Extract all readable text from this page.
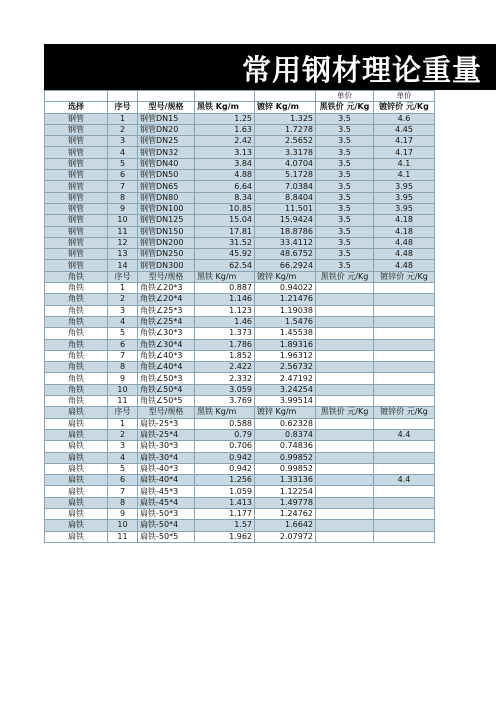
常用钢材理论重量
					单价	单价
选择	序号	型号/规格	黑铁 Kg/m	镀锌 Kg/m	黑铁价 元/Kg	镀锌价 元/Kg
钢管	1	钢管DN15	1.25	1.325	3.5	4.6
钢管	2	钢管DN20	1.63	1.7278	3.5	4.45
钢管	3	钢管DN25	2.42	2.5652	3.5	4.17
钢管	4	钢管DN32	3.13	3.3178	3.5	4.17
钢管	5	钢管DN40	3.84	4.0704	3.5	4.1
钢管	6	钢管DN50	4.88	5.1728	3.5	4.1
钢管	7	钢管DN65	6.64	7.0384	3.5	3.95
钢管	8	钢管DN80	8.34	8.8404	3.5	3.95
钢管	9	钢管DN100	10.85	11.501	3.5	3.95
钢管	10	钢管DN125	15.04	15.9424	3.5	4.18
钢管	11	钢管DN150	17.81	18.8786	3.5	4.18
钢管	12	钢管DN200	31.52	33.4112	3.5	4.48
钢管	13	钢管DN250	45.92	48.6752	3.5	4.48
钢管	14	钢管DN300	62.54	66.2924	3.5	4.48
角铁	序号	型号/规格	黑铁 Kg/m	镀锌 Kg/m	黑铁价 元/Kg	镀锌价 元/Kg
角铁	1	角铁∠20*3	0.887	0.94022		
角铁	2	角铁∠20*4	1.146	1.21476		
角铁	3	角铁∠25*3	1.123	1.19038		
角铁	4	角铁∠25*4	1.46	1.5476		
角铁	5	角铁∠30*3	1.373	1.45538		
角铁	6	角铁∠30*4	1.786	1.89316		
角铁	7	角铁∠40*3	1.852	1.96312		
角铁	8	角铁∠40*4	2.422	2.56732		
角铁	9	角铁∠50*3	2.332	2.47192		
角铁	10	角铁∠50*4	3.059	3.24254		
角铁	11	角铁∠50*5	3.769	3.99514		
扁铁	序号	型号/规格	黑铁 Kg/m	镀锌 Kg/m	黑铁价 元/Kg	镀锌价 元/Kg
扁铁	1	扁铁-25*3	0.588	0.62328		
扁铁	2	扁铁-25*4	0.79	0.8374		4.4
扁铁	3	扁铁-30*3	0.706	0.74836		
扁铁	4	扁铁-30*4	0.942	0.99852		
扁铁	5	扁铁-40*3	0.942	0.99852		
扁铁	6	扁铁-40*4	1.256	1.33136		4.4
扁铁	7	扁铁-45*3	1.059	1.12254		
扁铁	8	扁铁-45*4	1.413	1.49778		
扁铁	9	扁铁-50*3	1.177	1.24762		
扁铁	10	扁铁-50*4	1.57	1.6642		
扁铁	11	扁铁-50*5	1.962	2.07972		
